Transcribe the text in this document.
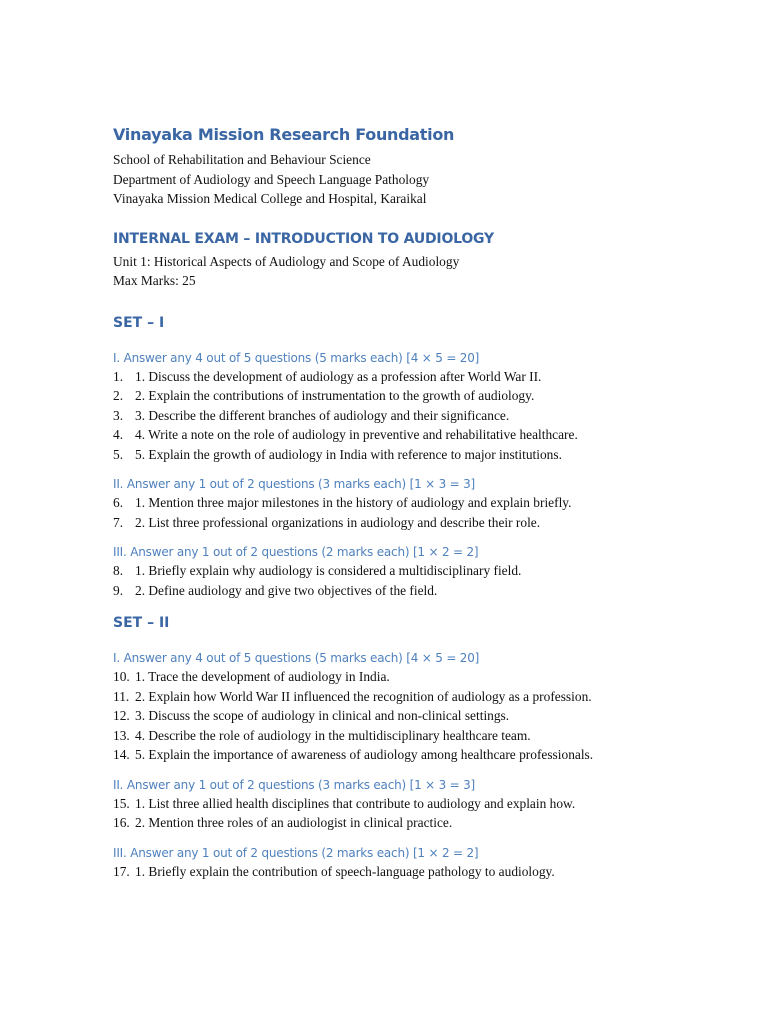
Vinayaka Mission Research Foundation

School of Rehabilitation and Behaviour Science

Department of Audiology and Speech Language Pathology

Vinayaka Mission Medical College and Hospital, Karaikal

INTERNAL EXAM – INTRODUCTION TO AUDIOLOGY

Unit 1: Historical Aspects of Audiology and Scope of Audiology

Max Marks: 25

SET – I

I. Answer any 4 out of 5 questions (5 marks each) [4 × 5 = 20]

1. 1. Discuss the development of audiology as a profession after World War II.
2. 2. Explain the contributions of instrumentation to the growth of audiology.
3. 3. Describe the different branches of audiology and their significance.
4. 4. Write a note on the role of audiology in preventive and rehabilitative healthcare.
5. 5. Explain the growth of audiology in India with reference to major institutions.

II. Answer any 1 out of 2 questions (3 marks each) [1 × 3 = 3]

6. 1. Mention three major milestones in the history of audiology and explain briefly.
7. 2. List three professional organizations in audiology and describe their role.

III. Answer any 1 out of 2 questions (2 marks each) [1 × 2 = 2]

8. 1. Briefly explain why audiology is considered a multidisciplinary field.
9. 2. Define audiology and give two objectives of the field.
SET – II

I. Answer any 4 out of 5 questions (5 marks each) [4 × 5 = 20]

10. 1. Trace the development of audiology in India.
11. 2. Explain how World War II influenced the recognition of audiology as a profession.
12. 3. Discuss the scope of audiology in clinical and non-clinical settings.
13. 4. Describe the role of audiology in the multidisciplinary healthcare team.
14. 5. Explain the importance of awareness of audiology among healthcare professionals.

II. Answer any 1 out of 2 questions (3 marks each) [1 × 3 = 3]

15. 1. List three allied health disciplines that contribute to audiology and explain how.
16. 2. Mention three roles of an audiologist in clinical practice.

III. Answer any 1 out of 2 questions (2 marks each) [1 × 2 = 2]

17. 1. Briefly explain the contribution of speech-language pathology to audiology.
